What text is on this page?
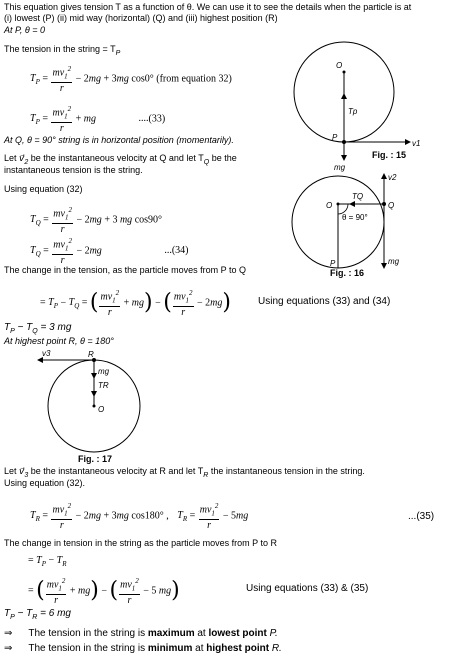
This equation gives tension T as a function of θ. We can use it to see the details when the particle is at
(i) lowest (P) (ii) mid way (horizontal) (Q) and (iii) highest position (R)
At P, θ = 0
The tension in the string = $T_P$
$T_P = \frac{mv_1^2}{r} - 2mg + 3mg$ cos0° (from equation 32)
$T_P = \frac{mv_1^2}{r}$ + mg	....(33)
At Q, θ = 90° string is in horizontal position (momentarily).
Let $v⃗_2$ be the instantaneous velocity at Q and let $T_Q$ be the
instantaneous tension is the string.
Using equation (32)
$T_Q = \frac{mv_1^2}{r} - 2mg + 3$ mg cos90°
$T_Q = \frac{mv_1^2}{r} - 2mg$	...(34)
The change in the tension, as the particle moves from P to Q
= $T_P - T_Q$ = ( $\frac{mv_1^2}{r} + mg$) − ( $\frac{mv_1^2}{r} - 2mg$)	Using equations (33) and (34)
$T_P - T_Q = 3$ mg
At highest point R, θ = 180°
Let $v⃗_3$ be the instantaneous velocity at R and let $T_R$ the instantaneous tension in the string.
Using equation (32).
$T_R = \frac{mv_1^2}{r} - 2mg + 3mg$ cos180° , $T_R = \frac{mv_1^2}{r} - 5mg$	...(35)
The change in tension in the string as the particle moves from P to R
= $T_P - T_R$
= ( $\frac{mv_1^2}{r} + mg$) − ( $\frac{mv_1^2}{r} - 5$ mg)	Using equations (33) & (35)
$T_P - T_R = 6$ mg
⇒ The tension in the string is maximum at lowest point P.
⇒ The tension in the string is minimum at highest point R.
O
Tp
P
v1
mg
Fig. : 15
O
TQ
θ = 90°
Q
v2
P	mg
Fig. : 16
v3	R
mg
TR
O
Fig. : 17
